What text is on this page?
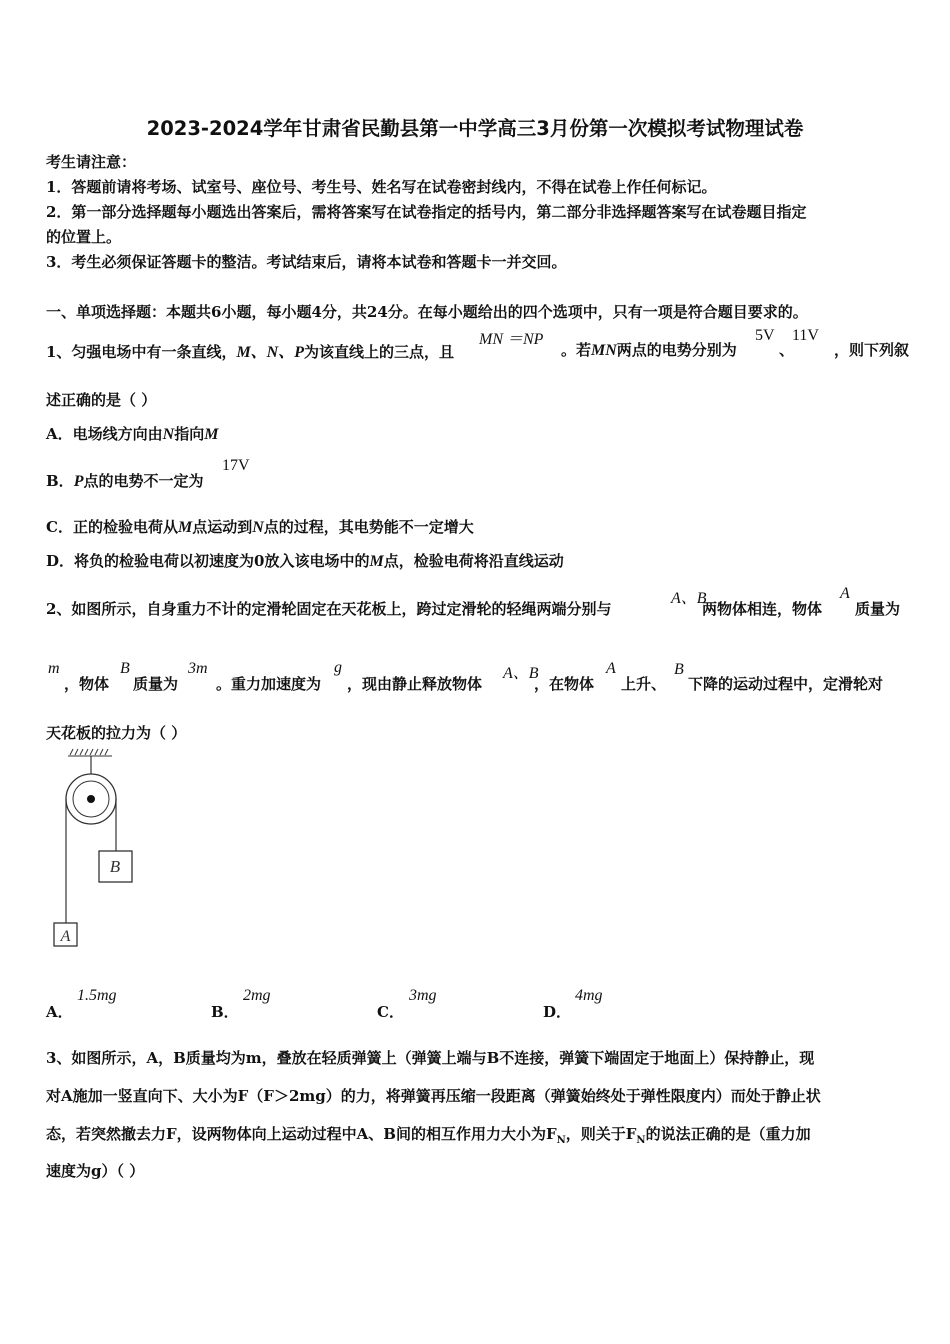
2023-2024学年甘肃省民勤县第一中学高三3月份第一次模拟考试物理试卷
考生请注意：
1．答题前请将考场、试室号、座位号、考生号、姓名写在试卷密封线内，不得在试卷上作任何标记。
2．第一部分选择题每小题选出答案后，需将答案写在试卷指定的括号内，第二部分非选择题答案写在试卷题目指定
的位置上。
3．考生必须保证答题卡的整洁。考试结束后，请将本试卷和答题卡一并交回。
一、单项选择题：本题共6小题，每小题4分，共24分。在每小题给出的四个选项中，只有一项是符合题目要求的。
1、匀强电场中有一条直线，M、N、P为该直线上的三点，且
MN ＝NP
。若MN两点的电势分别为
5V
、
11V
，则下列叙
述正确的是（ ）
A．电场线方向由N指向M
B．P点的电势不一定为
17V
C．正的检验电荷从M点运动到N点的过程，其电势能不一定增大
D．将负的检验电荷以初速度为0放入该电场中的M点，检验电荷将沿直线运动
2、如图所示，自身重力不计的定滑轮固定在天花板上，跨过定滑轮的轻绳两端分别与
A、B
两物体相连，物体
A
质量为
m
，物体
B
质量为
3m
。重力加速度为
g
，现由静止释放物体
A、B
，在物体
A
上升、
B
下降的运动过程中，定滑轮对
天花板的拉力为（ ）
B
A
A．
1.5mg
B．
2mg
C．
3mg
D．
4mg
3、如图所示，A，B质量均为m，叠放在轻质弹簧上（弹簧上端与B不连接，弹簧下端固定于地面上）保持静止，现
对A施加一竖直向下、大小为F（F＞2mg）的力，将弹簧再压缩一段距离（弹簧始终处于弹性限度内）而处于静止状
态，若突然撤去力F，设两物体向上运动过程中A、B间的相互作用力大小为$F_N$，则关于$F_N$的说法正确的是（重力加
速度为g）（ ）
